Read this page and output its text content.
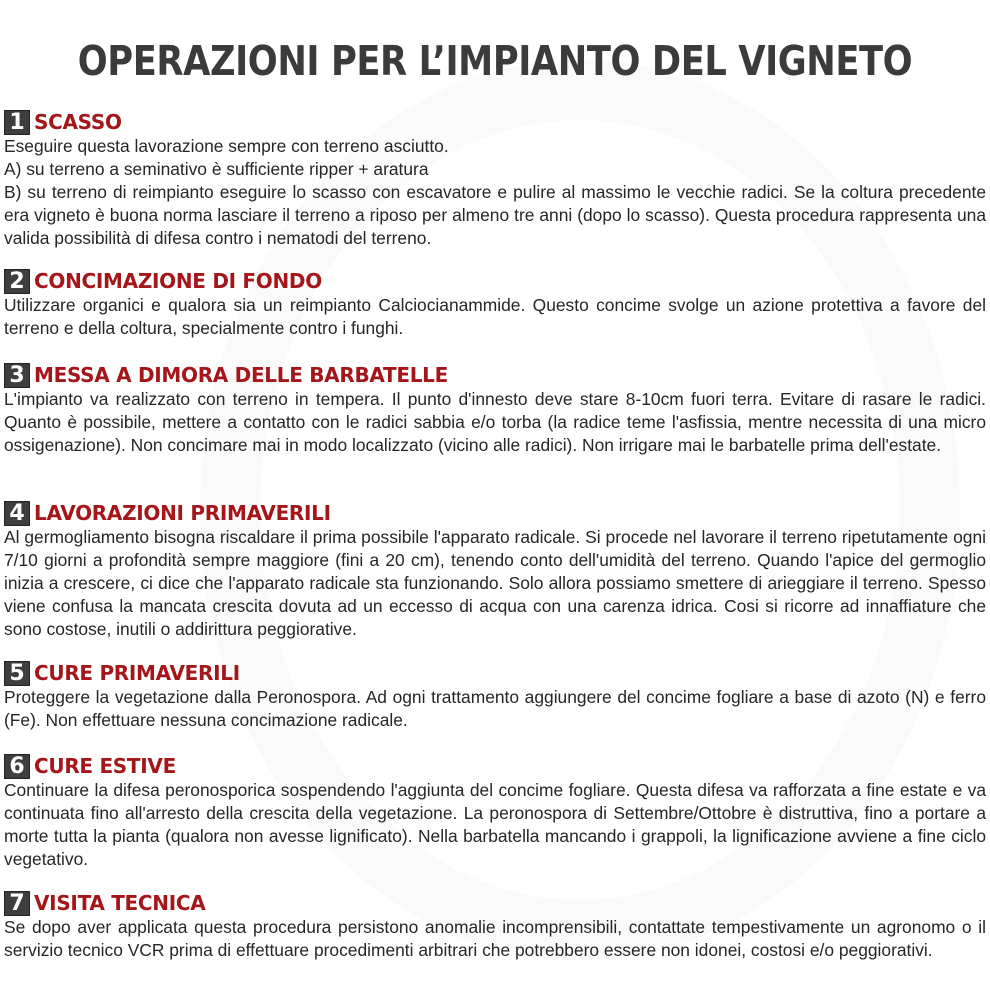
OPERAZIONI PER L’IMPIANTO DEL VIGNETO
1 SCASSO

Eseguire questa lavorazione sempre con terreno asciutto.

A) su terreno a seminativo è sufficiente ripper + aratura

B) su terreno di reimpianto eseguire lo scasso con escavatore e pulire al massimo le vecchie radici. Se la coltura precedente era vigneto è buona norma lasciare il terreno a riposo per almeno tre anni (dopo lo scasso). Questa procedura rappresenta una valida possibilità di difesa contro i nematodi del terreno.

2 CONCIMAZIONE DI FONDO

Utilizzare organici e qualora sia un reimpianto Calciocianammide. Questo concime svolge un azione protettiva a favore del terreno e della coltura, specialmente contro i funghi.

3 MESSA A DIMORA DELLE BARBATELLE

L'impianto va realizzato con terreno in tempera. Il punto d'innesto deve stare 8-10cm fuori terra. Evitare di rasare le radici. Quanto è possibile, mettere a contatto con le radici sabbia e/o torba (la radice teme l'asfissia, mentre necessita di una micro ossigenazione). Non concimare mai in modo localizzato (vicino alle radici). Non irrigare mai le barbatelle prima dell'estate.

4 LAVORAZIONI PRIMAVERILI

Al germogliamento bisogna riscaldare il prima possibile l'apparato radicale. Si procede nel lavorare il terreno ripetutamente ogni 7/10 giorni a profondità sempre maggiore (fini a 20 cm), tenendo conto dell'umidità del terreno. Quando l'apice del germoglio inizia a crescere, ci dice che l'apparato radicale sta funzionando. Solo allora possiamo smettere di arieggiare il terreno. Spesso viene confusa la mancata crescita dovuta ad un eccesso di acqua con una carenza idrica. Cosi si ricorre ad innaffiature che sono costose, inutili o addirittura peggiorative.

5 CURE PRIMAVERILI

Proteggere la vegetazione dalla Peronospora. Ad ogni trattamento aggiungere del concime fogliare a base di azoto (N) e ferro (Fe). Non effettuare nessuna concimazione radicale.

6 CURE ESTIVE

Continuare la difesa peronosporica sospendendo l'aggiunta del concime fogliare. Questa difesa va rafforzata a fine estate e va continuata fino all'arresto della crescita della vegetazione. La peronospora di Settembre/Ottobre è distruttiva, fino a portare a morte tutta la pianta (qualora non avesse lignificato). Nella barbatella mancando i grappoli, la lignificazione avviene a fine ciclo vegetativo.

7 VISITA TECNICA

Se dopo aver applicata questa procedura persistono anomalie incomprensibili, contattate tempestivamente un agronomo o il servizio tecnico VCR prima di effettuare procedimenti arbitrari che potrebbero essere non idonei, costosi e/o peggiorativi.
